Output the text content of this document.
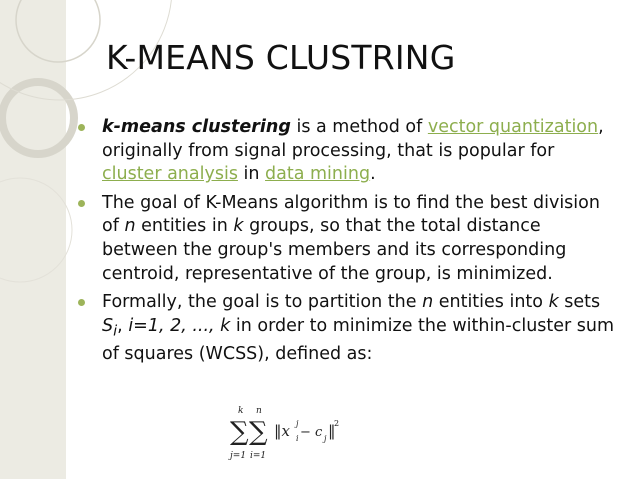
K-MEANS CLUSTRING
k-means clustering is a method of vector quantization, originally from signal processing, that is popular for cluster analysis in data mining.
The goal of K-Means algorithm is to find the best division of n entities in k groups, so that the total distance between the group's members and its corresponding centroid, representative of the group, is minimized.
Formally, the goal is to partition the n entities into k sets $S_i$, i=1, 2, ..., k in order to minimize the within-cluster sum of squares (WCSS), defined as:
k n
∑ ∑
j=1 i=1
‖x j
i − c j ‖
2
